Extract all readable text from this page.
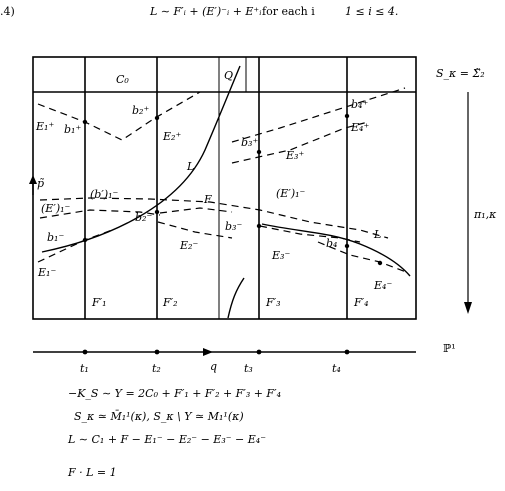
.4)	L ∼ F′ᵢ + (E′)⁻ᵢ + E⁺ᵢ for each i	1 ≤ i ≤ 4.
C₀	Q
E₁⁺ b₁⁺
b₂⁺
E₂⁺	b₃⁺
E₃⁺
b₄⁺
E₄⁺
L
p̃
(b′)₁⁻
(E′)₁⁻
F	(E′)₁⁻
b₂⁻
b₃⁻
b₁⁻
E₁⁻
E₂⁻
E₃⁻
b₄
L
E₄⁻
F′₁	F′₂	F′₃	F′₄
S_κ = Σ̃₂
π₁,κ
ℙ¹
t₁	t₂	q t₃	t₄
−K_S ∼ Y = 2C₀ + F′₁ + F′₂ + F′₃ + F′₄
S_κ ≃ M̄₁¹(κ), S_κ \ Y ≃ M₁¹(κ)
L ∼ C₁ + F − E₁⁻ − E₂⁻ − E₃⁻ − E₄⁻
F · L = 1
